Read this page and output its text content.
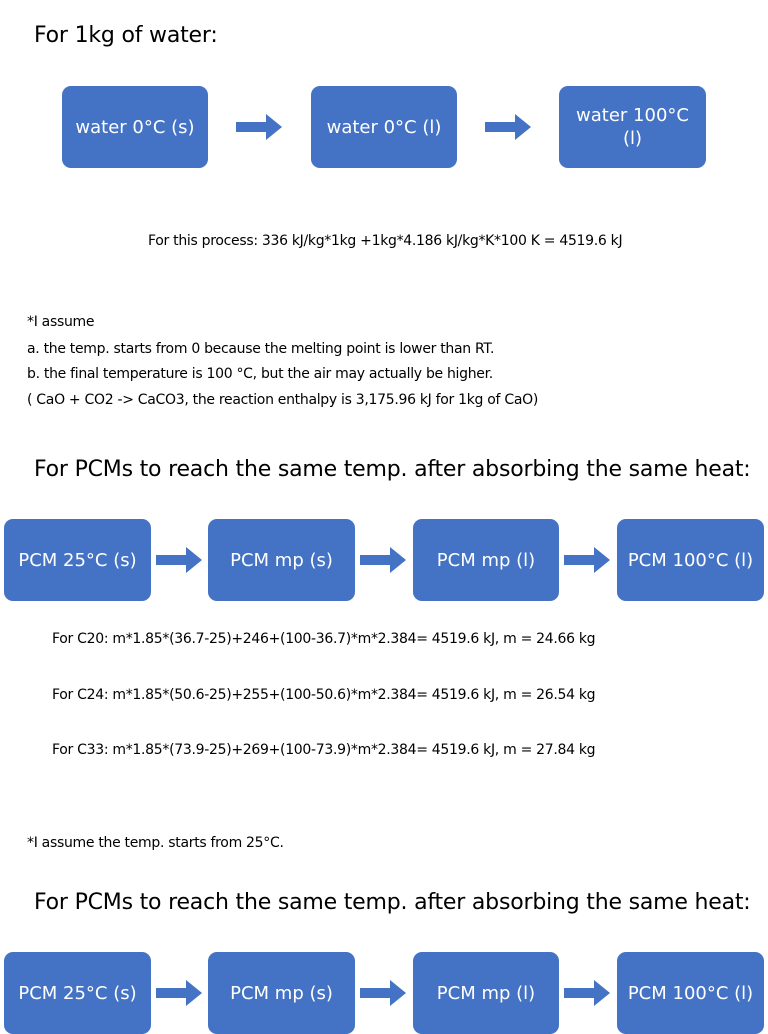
For 1kg of water:
water 0°C (s)	water 0°C (l)
water 100°C
(l)
For this process: 336 kJ/kg*1kg +1kg*4.186 kJ/kg*K*100 K = 4519.6 kJ
*I assume
a. the temp. starts from 0 because the melting point is lower than RT.
b. the final temperature is 100 °C, but the air may actually be higher.
( CaO + CO2 -> CaCO3, the reaction enthalpy is 3,175.96 kJ for 1kg of CaO)
For PCMs to reach the same temp. after absorbing the same heat:
PCM 25°C (s)	PCM mp (s)	PCM mp (l)	PCM 100°C (l)
For C20: m*1.85*(36.7-25)+246+(100-36.7)*m*2.384= 4519.6 kJ, m = 24.66 kg
For C24: m*1.85*(50.6-25)+255+(100-50.6)*m*2.384= 4519.6 kJ, m = 26.54 kg
For C33: m*1.85*(73.9-25)+269+(100-73.9)*m*2.384= 4519.6 kJ, m = 27.84 kg
*I assume the temp. starts from 25°C.
For PCMs to reach the same temp. after absorbing the same heat:
PCM 25°C (s)	PCM mp (s)	PCM mp (l)	PCM 100°C (l)
